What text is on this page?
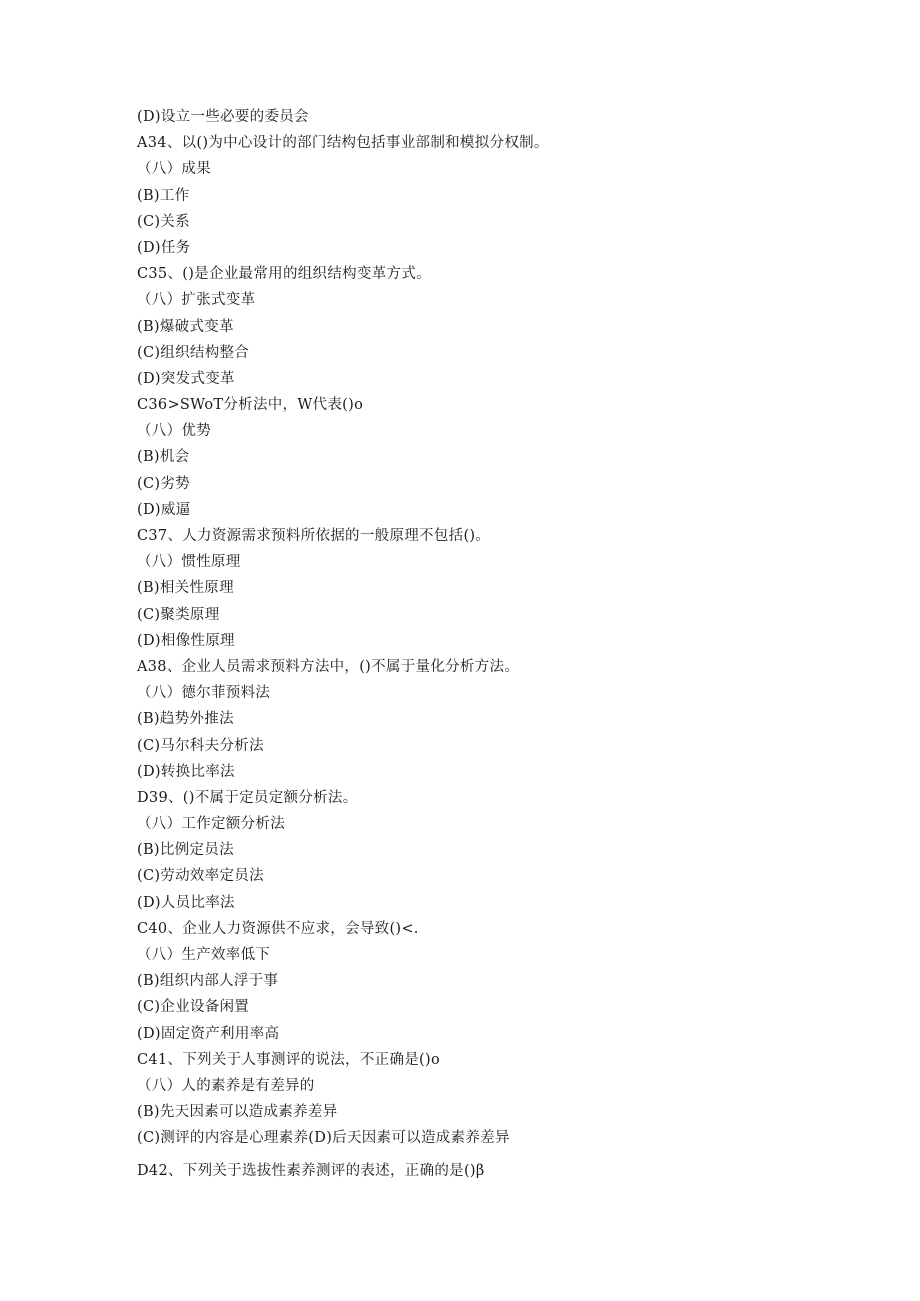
(D)设立一些必要的委员会
A34、以()为中心设计的部门结构包括事业部制和模拟分权制。
（八）成果
(B)工作
(C)关系
(D)任务
C35、()是企业最常用的组织结构变革方式。
（八）扩张式变革
(B)爆破式变革
(C)组织结构整合
(D)突发式变革
C36>SWoT分析法中，W代表()o
（八）优势
(B)机会
(C)劣势
(D)威逼
C37、人力资源需求预料所依据的一般原理不包括()。
（八）惯性原理
(B)相关性原理
(C)聚类原理
(D)相像性原理
A38、企业人员需求预料方法中，()不属于量化分析方法。
（八）德尔菲预料法
(B)趋势外推法
(C)马尔科夫分析法
(D)转换比率法
D39、()不属于定员定额分析法。
（八）工作定额分析法
(B)比例定员法
(C)劳动效率定员法
(D)人员比率法
C40、企业人力资源供不应求，会导致()<.
（八）生产效率低下
(B)组织内部人浮于事
(C)企业设备闲置
(D)固定资产利用率高
C41、下列关于人事测评的说法，不正确是()o
（八）人的素养是有差异的
(B)先天因素可以造成素养差异
(C)测评的内容是心理素养(D)后天因素可以造成素养差异
D42、下列关于选拔性素养测评的表述，正确的是()β
